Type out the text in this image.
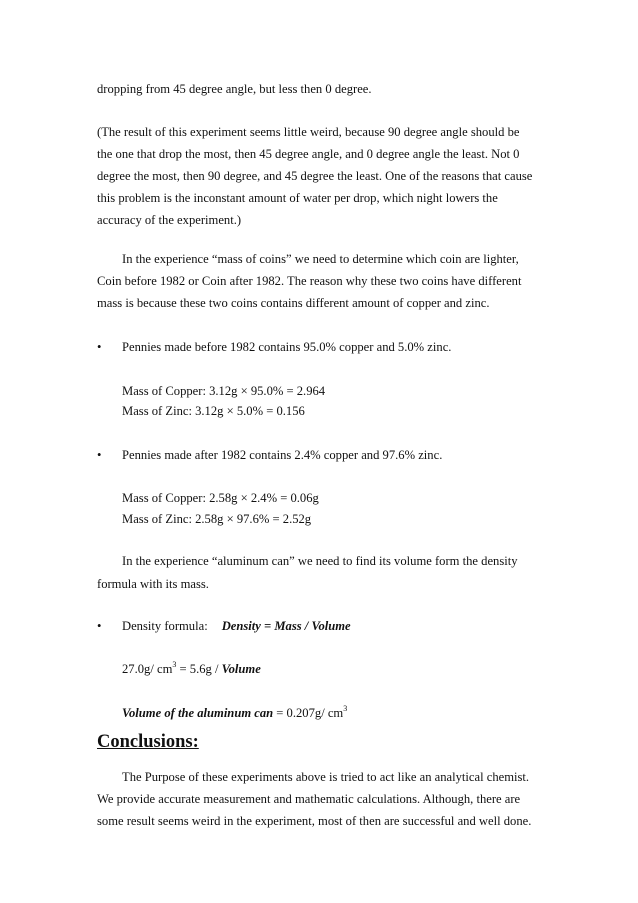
dropping from 45 degree angle, but less then 0 degree.
(The result of this experiment seems little weird, because 90 degree angle should be
the one that drop the most, then 45 degree angle, and 0 degree angle the least. Not 0
degree the most, then 90 degree, and 45 degree the least. One of the reasons that cause
this problem is the inconstant amount of water per drop, which night lowers the
accuracy of the experiment.)
In the experience “mass of coins” we need to determine which coin are lighter,
Coin before 1982 or Coin after 1982. The reason why these two coins have different
mass is because these two coins contains different amount of copper and zinc.
• Pennies made before 1982 contains 95.0% copper and 5.0% zinc.
Mass of Copper: 3.12g × 95.0% = 2.964
Mass of Zinc: 3.12g × 5.0% = 0.156
• Pennies made after 1982 contains 2.4% copper and 97.6% zinc.
Mass of Copper: 2.58g × 2.4% = 0.06g
Mass of Zinc: 2.58g × 97.6% = 2.52g
In the experience “aluminum can” we need to find its volume form the density
formula with its mass.
• Density formula: Density = Mass / Volume
27.0g/ $cm^3 = 5.6g$ / Volume
Volume of the aluminum can = 0.207g/ $cm^3$
Conclusions:
The Purpose of these experiments above is tried to act like an analytical chemist.
We provide accurate measurement and mathematic calculations. Although, there are
some result seems weird in the experiment, most of then are successful and well done.
